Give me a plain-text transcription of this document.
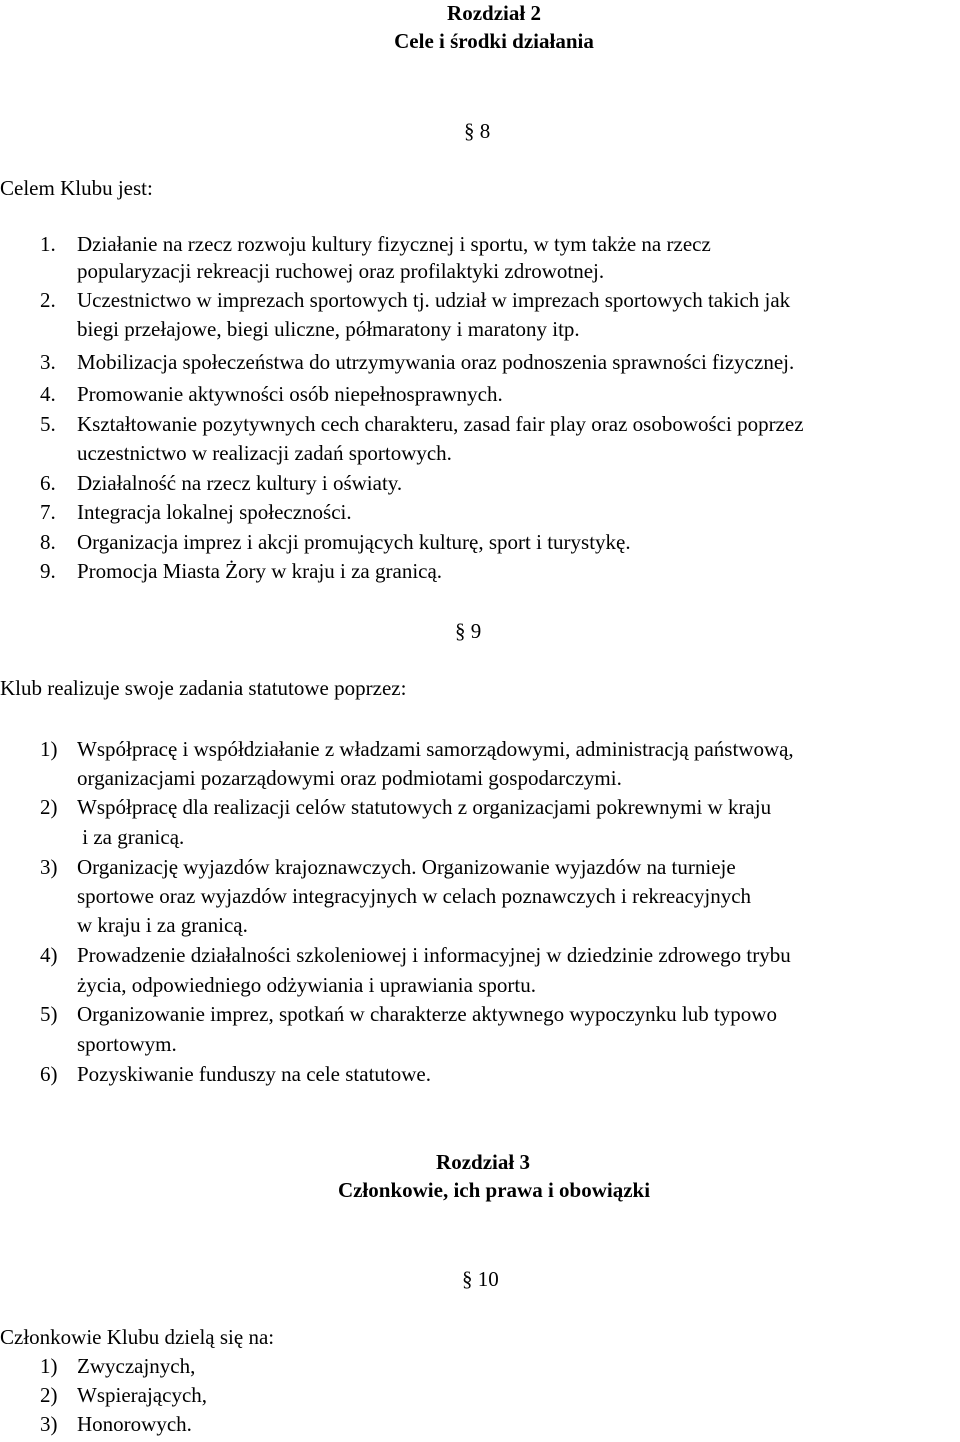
Rozdział 2
Cele i środki działania
§ 8
Celem Klubu jest:
1. Działanie na rzecz rozwoju kultury fizycznej i sportu, w tym także na rzecz
popularyzacji rekreacji ruchowej oraz profilaktyki zdrowotnej.
2. Uczestnictwo w imprezach sportowych tj. udział w imprezach sportowych takich jak
biegi przełajowe, biegi uliczne, półmaratony i maratony itp.
3. Mobilizacja społeczeństwa do utrzymywania oraz podnoszenia sprawności fizycznej.
4. Promowanie aktywności osób niepełnosprawnych.
5. Kształtowanie pozytywnych cech charakteru, zasad fair play oraz osobowości poprzez
uczestnictwo w realizacji zadań sportowych.
6. Działalność na rzecz kultury i oświaty.
7. Integracja lokalnej społeczności.
8. Organizacja imprez i akcji promujących kulturę, sport i turystykę.
9. Promocja Miasta Żory w kraju i za granicą.
§ 9
Klub realizuje swoje zadania statutowe poprzez:
1) Współpracę i współdziałanie z władzami samorządowymi, administracją państwową,
organizacjami pozarządowymi oraz podmiotami gospodarczymi.
2) Współpracę dla realizacji celów statutowych z organizacjami pokrewnymi w kraju
i za granicą.
3) Organizację wyjazdów krajoznawczych. Organizowanie wyjazdów na turnieje
sportowe oraz wyjazdów integracyjnych w celach poznawczych i rekreacyjnych
w kraju i za granicą.
4) Prowadzenie działalności szkoleniowej i informacyjnej w dziedzinie zdrowego trybu
życia, odpowiedniego odżywiania i uprawiania sportu.
5) Organizowanie imprez, spotkań w charakterze aktywnego wypoczynku lub typowo
sportowym.
6) Pozyskiwanie funduszy na cele statutowe.
Rozdział 3
Członkowie, ich prawa i obowiązki
§ 10
Członkowie Klubu dzielą się na:
1) Zwyczajnych,
2) Wspierających,
3) Honorowych.
